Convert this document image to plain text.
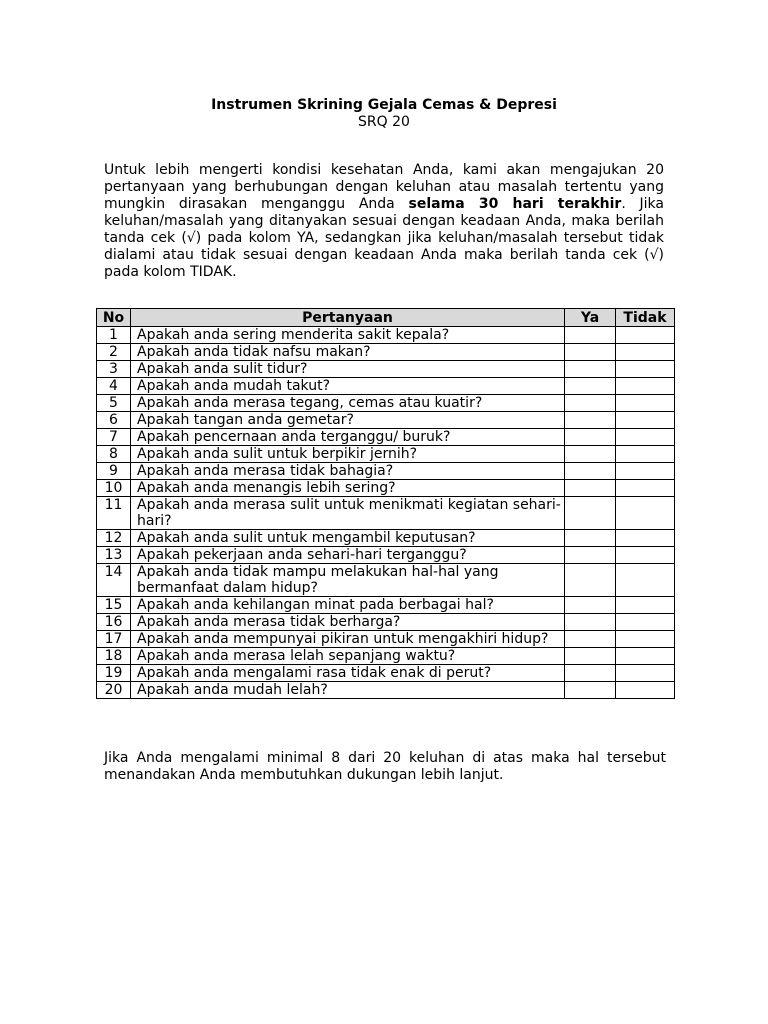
Instrumen Skrining Gejala Cemas & Depresi
SRQ 20
Untuk lebih mengerti kondisi kesehatan Anda, kami akan mengajukan 20 pertanyaan yang berhubungan dengan keluhan atau masalah tertentu yang mungkin dirasakan menganggu Anda selama 30 hari terakhir. Jika keluhan/masalah yang ditanyakan sesuai dengan keadaan Anda, maka berilah tanda cek (√) pada kolom YA, sedangkan jika keluhan/masalah tersebut tidak dialami atau tidak sesuai dengan keadaan Anda maka berilah tanda cek (√) pada kolom TIDAK.
No	Pertanyaan	Ya	Tidak
1	Apakah anda sering menderita sakit kepala?		
2	Apakah anda tidak nafsu makan?		
3	Apakah anda sulit tidur?		
4	Apakah anda mudah takut?		
5	Apakah anda merasa tegang, cemas atau kuatir?		
6	Apakah tangan anda gemetar?		
7	Apakah pencernaan anda terganggu/ buruk?		
8	Apakah anda sulit untuk berpikir jernih?		
9	Apakah anda merasa tidak bahagia?		
10	Apakah anda menangis lebih sering?		
11	Apakah anda merasa sulit untuk menikmati kegiatan sehari-hari?		
12	Apakah anda sulit untuk mengambil keputusan?		
13	Apakah pekerjaan anda sehari-hari terganggu?		
14	Apakah anda tidak mampu melakukan hal-hal yang bermanfaat dalam hidup?		
15	Apakah anda kehilangan minat pada berbagai hal?		
16	Apakah anda merasa tidak berharga?		
17	Apakah anda mempunyai pikiran untuk mengakhiri hidup?		
18	Apakah anda merasa lelah sepanjang waktu?		
19	Apakah anda mengalami rasa tidak enak di perut?		
20	Apakah anda mudah lelah?		
Jika Anda mengalami minimal 8 dari 20 keluhan di atas maka hal tersebut menandakan Anda membutuhkan dukungan lebih lanjut.
